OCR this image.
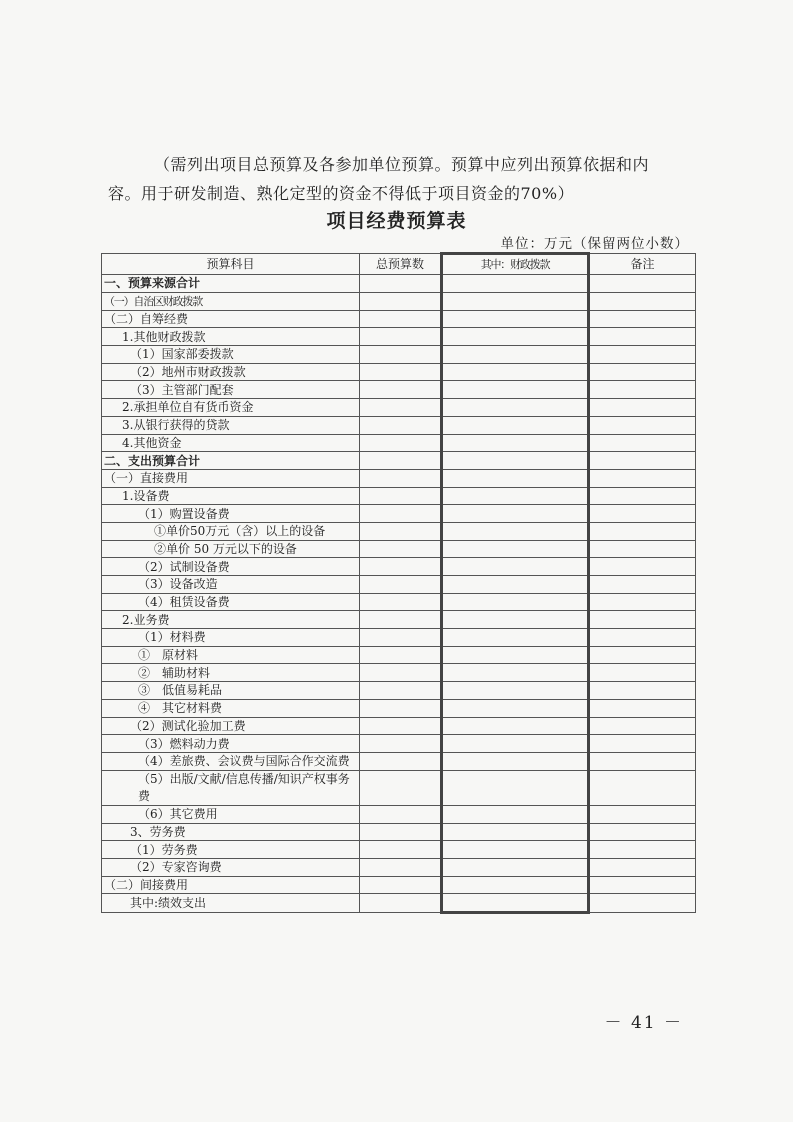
（需列出项目总预算及各参加单位预算。预算中应列出预算依据和内
容。用于研发制造、熟化定型的资金不得低于项目资金的70%）
项目经费预算表
单位：万元（保留两位小数）
预算科目	总预算数	其中：财政拨款	备注
一、预算来源合计			
（一）自治区财政拨款			
（二）自筹经费			
1.其他财政拨款			
（1）国家部委拨款			
（2）地州市财政拨款			
（3）主管部门配套			
2.承担单位自有货币资金			
3.从银行获得的贷款			
4.其他资金			
二、支出预算合计			
（一）直接费用			
1.设备费			
（1）购置设备费			
①单价50万元（含）以上的设备			
②单价 50 万元以下的设备			
（2）试制设备费			
（3）设备改造			
（4）租赁设备费			
2.业务费			
（1）材料费			
①　原材料			
②　辅助材料			
③　低值易耗品			
④　其它材料费			
（2）测试化验加工费			
（3）燃料动力费			
（4）差旅费、会议费与国际合作交流费			
（5）出版/文献/信息传播/知识产权事务费			
（6）其它费用			
3、劳务费			
（1）劳务费			
（2）专家咨询费			
（二）间接费用			
其中:绩效支出			
－ 41 －
